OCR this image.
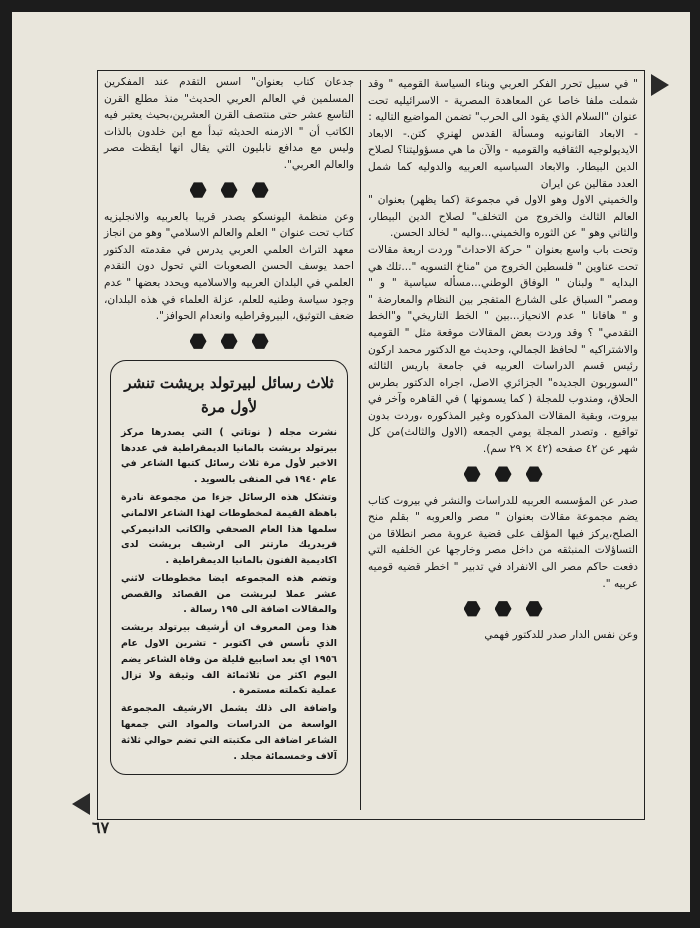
" في سبيل تحرر الفكر العربي وبناء السياسة القوميه " وقد شملت ملفا خاصا عن المعاهدة المصرية - الاسرائيليه تحت عنوان "السلام الذي يقود الى الحرب" تضمن المواضيع التاليه :

- الابعاد القانونيه ومسألة القدس لهنري كتن.- الابعاد الايديولوجيه الثقافيه والقوميه - والآن ما هي مسؤوليتنا؟ لصلاح الدين البيطار. والابعاد السياسيه العربيه والدوليه كما شمل العدد مقالين عن ايران

والخميني الاول وهو الاول في مجموعة (كما يظهر) بعنوان " العالم الثالث والخروج من التخلف" لصلاح الدين البيطار، والثاني وهو " عن الثوره والخميني...واليه " لخالد الحسن.

وتحت باب واسع بعنوان " حركة الاحداث" وردت اربعة مقالات تحت عناوين " فلسطين الخروج من "مناخ التسويه "...تلك هي البدايه " ولبنان " الوفاق الوطني...مسأله سياسية " و " ومصر" السباق على الشارع المتفجر بين النظام والمعارضة " و " هافانا " عدم الانحياز...بين " الخط التاريخي" و"الخط التقدمي" ؟ وقد وردت بعض المقالات موقعة مثل " القوميه والاشتراكيه " لحافظ الجمالي، وحديث مع الدكتور محمد اركون رئيس قسم الدراسات العربيه في جامعة باريس الثالثه "السوربون الجديده" الجزائري الاصل، اجراه الدكتور بطرس الحلاق، ومندوب للمجلة ( كما يسمونها ) في القاهره وآخر في بيروت، وبقية المقالات المذكوره وغير المذكوره ،وردت بدون تواقيع . وتصدر المجلة يومي الجمعه (الاول والثالث)من كل شهر عن ٤٢ صفحه (٤٢ × ٢٩ سم).

صدر عن المؤسسه العربيه للدراسات والنشر في بيروت كتاب يضم مجموعة مقالات بعنوان " مصر والعروبه " بقلم منح الصلح،يركز فيها المؤلف على قضية عروبة مصر انطلاقا من التساؤلات المنبثقه من داخل مصر وخارجها عن الخلفيه التي دفعت حاكم مصر الى الانفراد في تدبير " اخطر قضيه قوميه عربيه ".

وعن نفس الدار صدر للدكتور فهمي

جدعان كتاب بعنوان" اسس التقدم عند المفكرين المسلمين في العالم العربي الحديث" منذ مطلع القرن التاسع عشر حتى منتصف القرن العشرين،بحيث يعتبر فيه الكاتب أن " الازمنه الحديثه تبدأ مع ابن خلدون بالذات وليس مع مدافع نابليون التي يقال انها ايقظت مصر والعالم العربي".

وعن منظمة اليونسكو يصدر قريبا بالعربيه والانجليزيه كتاب تحت عنوان " العلم والعالم الاسلامي" وهو من انجاز معهد التراث العلمي العربي يدرس في مقدمته الدكتور احمد يوسف الحسن الصعوبات التي تحول دون التقدم العلمي في البلدان العربيه والاسلاميه ويحدد بعضها " عدم وجود سياسة وطنيه للعلم، عزلة العلماء في هذه البلدان، ضعف التوثيق، البيروقراطيه وانعدام الحوافز".

ثلاث رسائل لبيرتولد بريشت تنشر لأول مرة

نشرت مجله ( نوتاتي ) التي يصدرها مركز بيرتولد بريشت بالمانيا الديمقراطية في عددها الاخير لأول مرة ثلاث رسائل كتبها الشاعر في عام ١٩٤٠ في المنفى بالسويد .

وتشكل هذه الرسائل جزءا من مجموعة نادرة باهظة القيمة لمخطوطات لهذا الشاعر الالماني سلمها هذا العام الصحفي والكاتب الدانيمركي فريدريك مارتنر الى ارشيف بريشت لدى اكاديمية الفنون بالمانيا الديمقراطية .

وتضم هذه المجموعه ايضا مخطوطات لاثني عشر عملا لبريشت من القصائد والقصص والمقالات اضافة الى ١٩٥ رسالة .

هذا ومن المعروف ان أرشيف بيرتولد بريشت الذي تأسس في اكتوبر - تشرين الاول عام ١٩٥٦ اي بعد اسابيع قليلة من وفاة الشاعر يضم اليوم اكثر من ثلاثمائة الف وثيقة ولا تزال عملية تكملته مستمرة .

واضافة الى ذلك يشمل الارشيف المجموعة الواسعة من الدراسات والمواد التي جمعها الشاعر اضافة الى مكتبته التي تضم حوالي ثلاثة آلاف وخمسمائة مجلد .

٦٧
